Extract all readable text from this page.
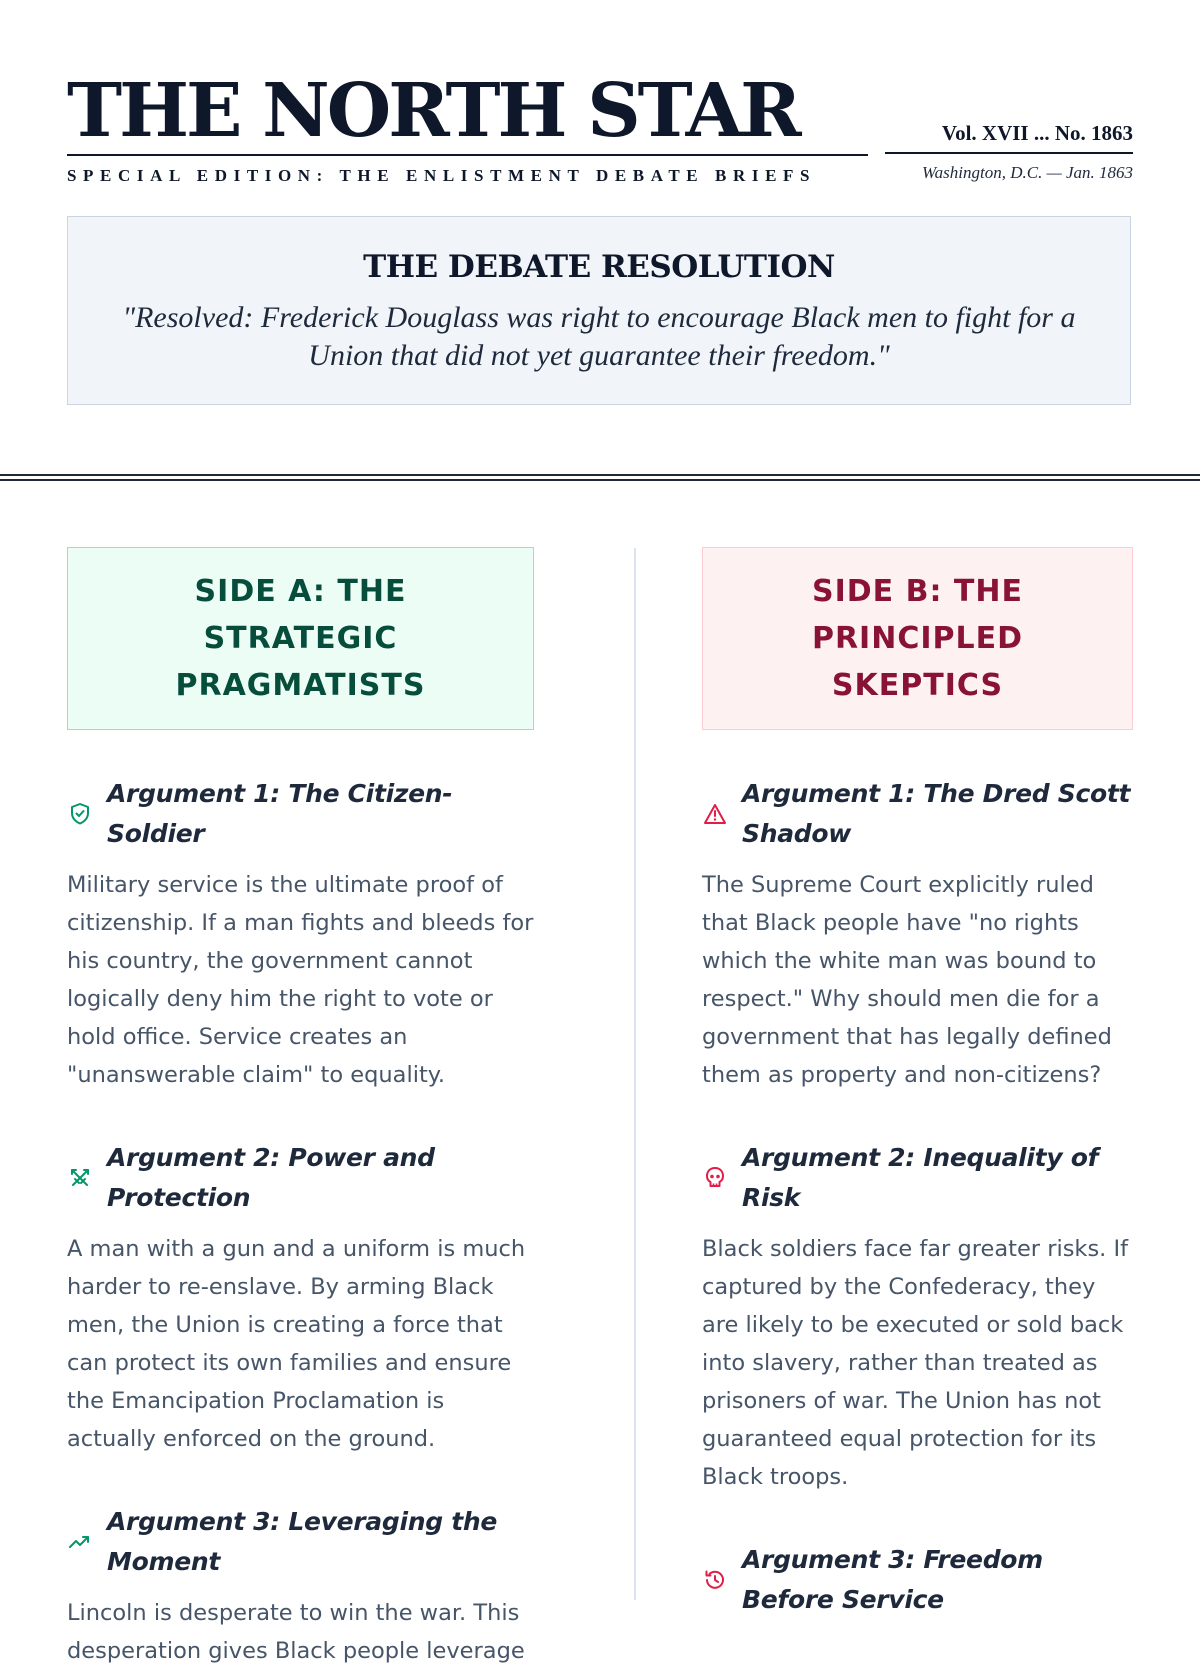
THE NORTH STAR
SPECIAL EDITION: THE ENLISTMENT DEBATE BRIEFS
Vol. XVII ... No. 1863
Washington, D.C. — Jan. 1863
THE DEBATE RESOLUTION
"Resolved: Frederick Douglass was right to encourage Black men to fight for a Union that did not yet guarantee their freedom."
SIDE A: THE STRATEGIC PRAGMATISTS
Argument 1: The Citizen-Soldier

Military service is the ultimate proof of citizenship. If a man fights and bleeds for his country, the government cannot logically deny him the right to vote or hold office. Service creates an "unanswerable claim" to equality.

Argument 2: Power and Protection

A man with a gun and a uniform is much harder to re-enslave. By arming Black men, the Union is creating a force that can protect its own families and ensure the Emancipation Proclamation is actually enforced on the ground.

Argument 3: Leveraging the Moment

Lincoln is desperate to win the war. This desperation gives Black people leverage

SIDE B: THE PRINCIPLED SKEPTICS
Argument 1: The Dred Scott Shadow

The Supreme Court explicitly ruled that Black people have "no rights which the white man was bound to respect." Why should men die for a government that has legally defined them as property and non-citizens?

Argument 2: Inequality of Risk

Black soldiers face far greater risks. If captured by the Confederacy, they are likely to be executed or sold back into slavery, rather than treated as prisoners of war. The Union has not guaranteed equal protection for its Black troops.

Argument 3: Freedom Before Service
